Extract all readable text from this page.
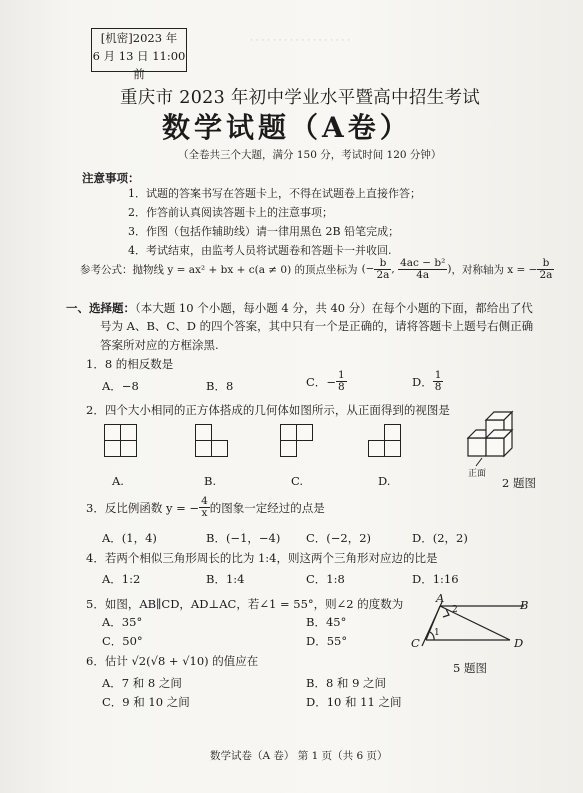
· · · · · · · · · · · · · · · · · ·
[机密]2023 年
6 月 13 日 11:00 前
重庆市 2023 年初中学业水平暨高中招生考试
数学试题（A卷）
（全卷共三个大题，满分 150 分，考试时间 120 分钟）
注意事项：
1．试题的答案书写在答题卡上，不得在试题卷上直接作答；
2．作答前认真阅读答题卡上的注意事项；
3．作图（包括作辅助线）请一律用黑色 2B 铅笔完成；
4．考试结束，由监考人员将试题卷和答题卡一并收回.
参考公式：抛物线 y = ax² + bx + c(a ≠ 0) 的顶点坐标为 (− $\frac{b}{2a}$ , $\frac{\text{4ac − b²}}{4a}$ ) ，对称轴为 x = − $\frac{b}{2a}$
一、选择题：（本大题 10 个小题，每小题 4 分，共 40 分）在每个小题的下面，都给出了代
号为 A、B、C、D 的四个答案，其中只有一个是正确的，请将答题卡上题号右侧正确
答案所对应的方框涂黑.
1．8 的相反数是
A．−8	B．8	C． − $\frac{1}{8}$	D． $\frac{1}{8}$
2．四个大小相同的正方体搭成的几何体如图所示，从正面得到的视图是
A.	B.	C.	D.	正面
2 题图
3． 反比例函数 y = − $\frac{4}{x}$ 的图象一定经过的点是
A．(1，4)	B．(−1，−4) C．(−2，2)	D．(2，2)
4．若两个相似三角形周长的比为 1:4，则这两个三角形对应边的比是
A．1:2	B．1:4	C．1:8	D．1:16
5．如图，AB∥CD，AD⊥AC，若∠1 = 55°，则∠2 的度数为
A．35°	B．45°
C．50°	D．55°
A	B
C	D
1
2
5 题图
6．估计 √2(√8 + √10) 的值应在
A．7 和 8 之间	B．8 和 9 之间
C．9 和 10 之间	D．10 和 11 之间
数学试卷（A 卷） 第 1 页（共 6 页）
